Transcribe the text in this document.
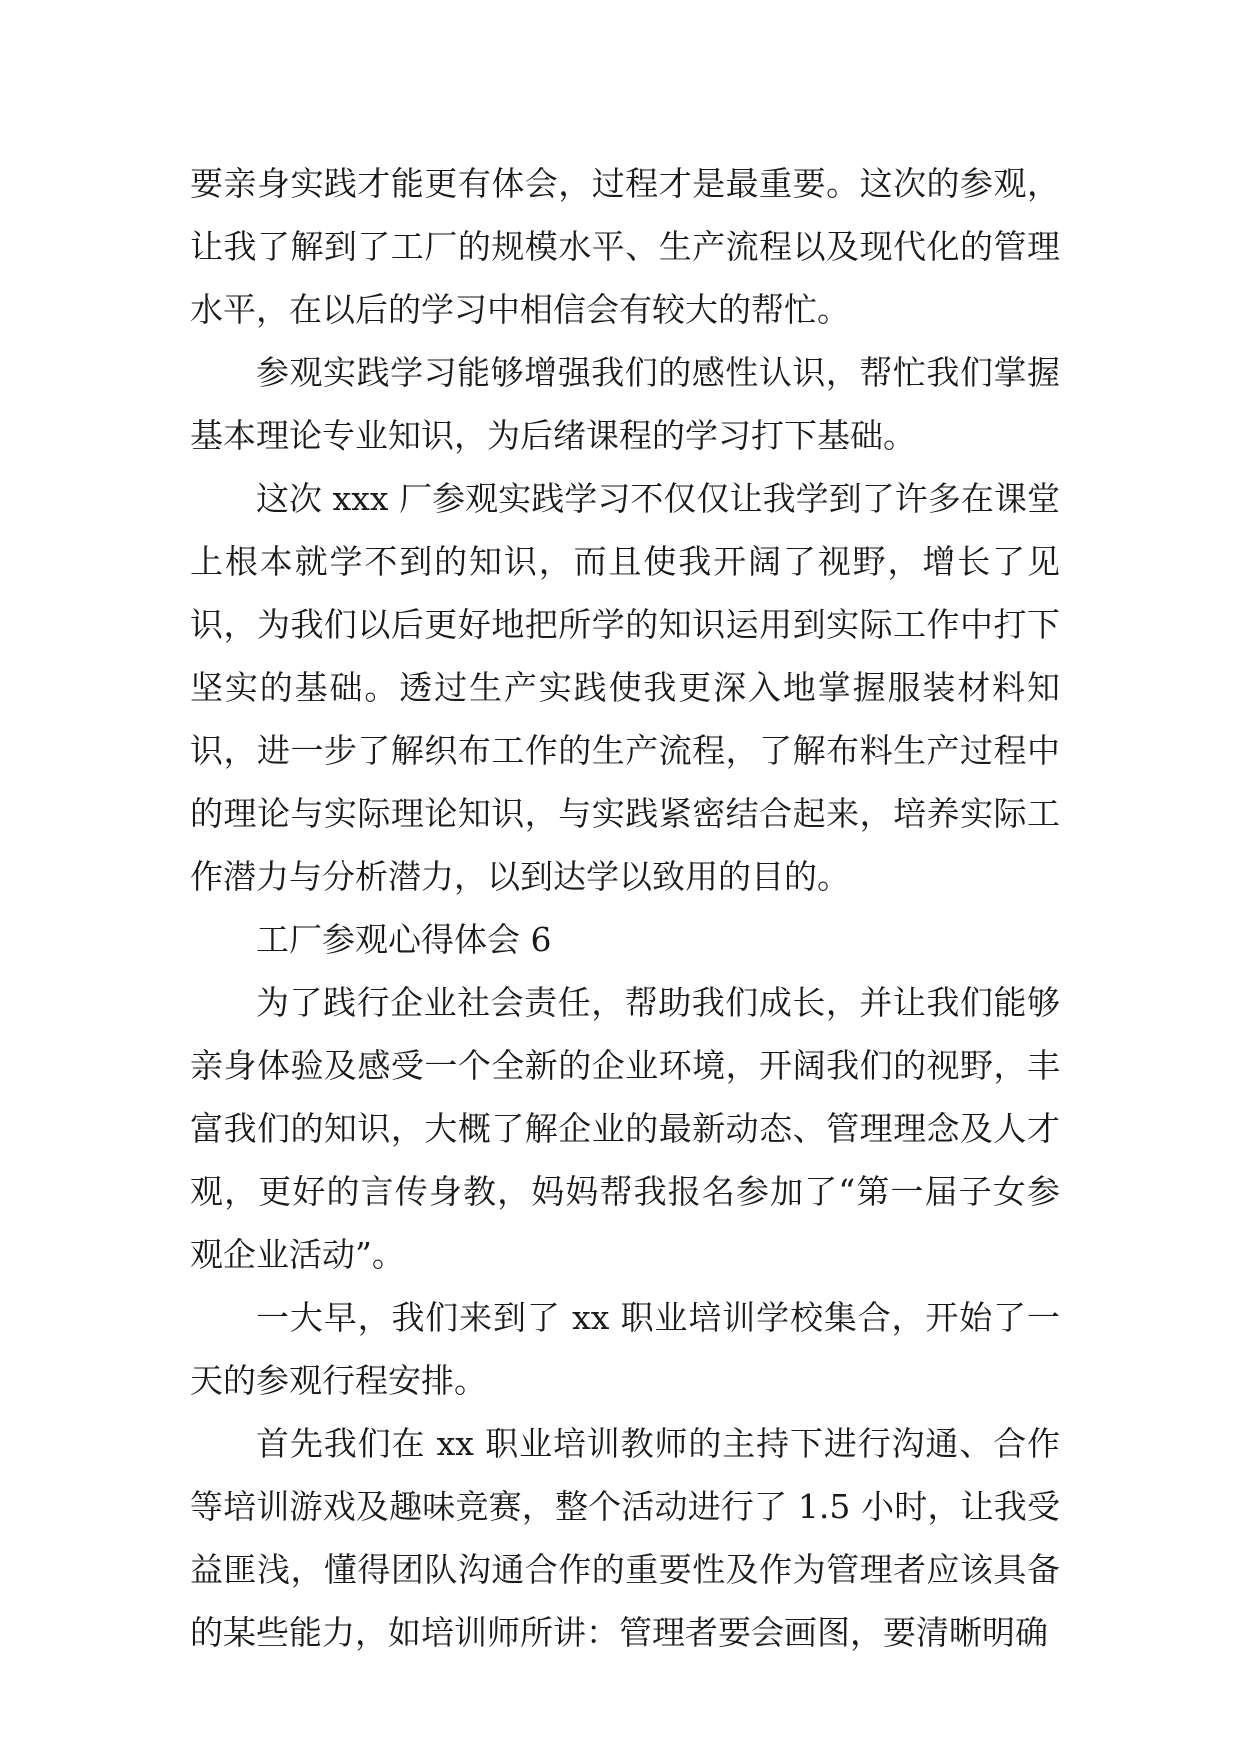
要亲身实践才能更有体会，过程才是最重要。这次的参观，让我了解到了工厂的规模水平、生产流程以及现代化的管理水平，在以后的学习中相信会有较大的帮忙。

参观实践学习能够增强我们的感性认识，帮忙我们掌握基本理论专业知识，为后绪课程的学习打下基础。

这次 xxx 厂参观实践学习不仅仅让我学到了许多在课堂上根本就学不到的知识，而且使我开阔了视野，增长了见识，为我们以后更好地把所学的知识运用到实际工作中打下坚实的基础。透过生产实践使我更深入地掌握服装材料知识，进一步了解织布工作的生产流程，了解布料生产过程中的理论与实际理论知识，与实践紧密结合起来，培养实际工作潜力与分析潜力，以到达学以致用的目的。

工厂参观心得体会 6

为了践行企业社会责任，帮助我们成长，并让我们能够亲身体验及感受一个全新的企业环境，开阔我们的视野，丰富我们的知识，大概了解企业的最新动态、管理理念及人才观，更好的言传身教，妈妈帮我报名参加了“第一届子女参观企业活动”。

一大早，我们来到了 xx 职业培训学校集合，开始了一天的参观行程安排。

首先我们在 xx 职业培训教师的主持下进行沟通、合作等培训游戏及趣味竞赛，整个活动进行了 1.5 小时，让我受益匪浅，懂得团队沟通合作的重要性及作为管理者应该具备的某些能力，如培训师所讲：管理者要会画图，要清晰明确
